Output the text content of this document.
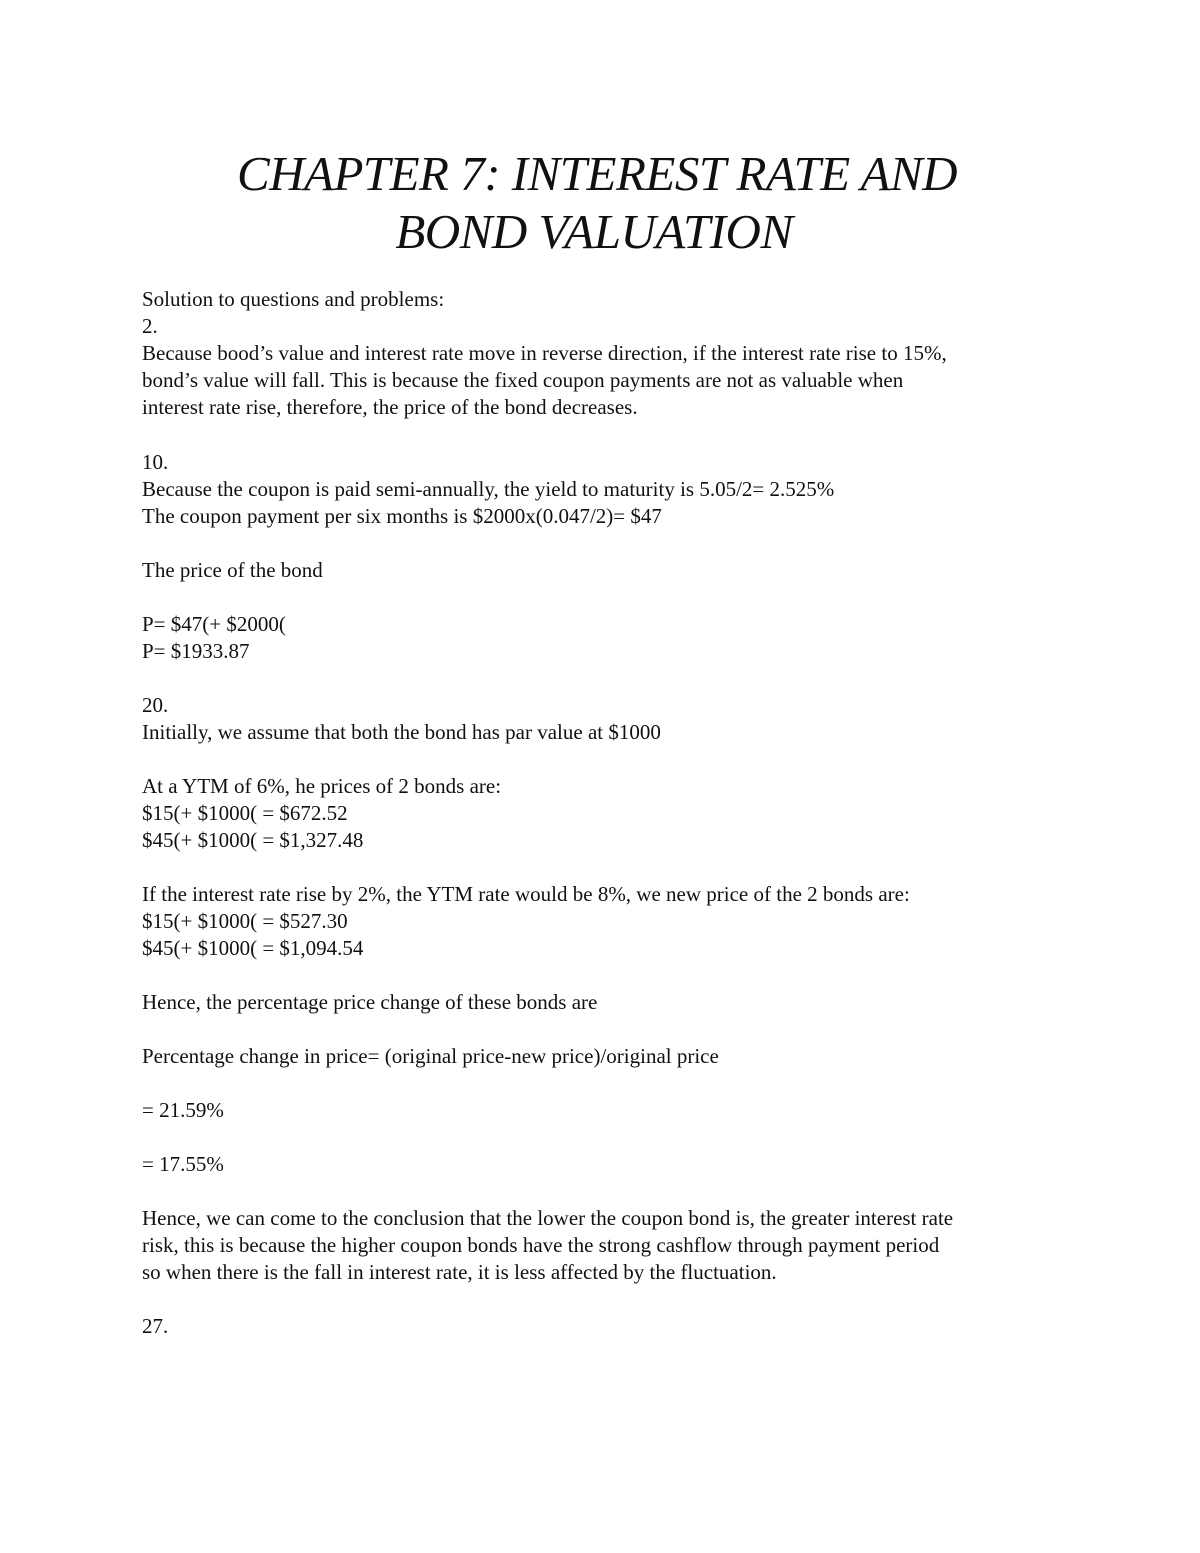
CHAPTER 7: INTEREST RATE AND
BOND VALUATION
Solution to questions and problems:
2.
Because bood’s value and interest rate move in reverse direction, if the interest rate rise to 15%,
bond’s value will fall. This is because the fixed coupon payments are not as valuable when
interest rate rise, therefore, the price of the bond decreases.
10.
Because the coupon is paid semi-annually, the yield to maturity is 5.05/2= 2.525%
The coupon payment per six months is $2000x(0.047/2)= $47
The price of the bond
P= $47(+ $2000(
P= $1933.87
20.
Initially, we assume that both the bond has par value at $1000
At a YTM of 6%, he prices of 2 bonds are:
$15(+ $1000( = $672.52
$45(+ $1000( = $1,327.48
If the interest rate rise by 2%, the YTM rate would be 8%, we new price of the 2 bonds are:
$15(+ $1000( = $527.30
$45(+ $1000( = $1,094.54
Hence, the percentage price change of these bonds are
Percentage change in price= (original price-new price)/original price
= 21.59%
= 17.55%
Hence, we can come to the conclusion that the lower the coupon bond is, the greater interest rate
risk, this is because the higher coupon bonds have the strong cashflow through payment period
so when there is the fall in interest rate, it is less affected by the fluctuation.
27.
